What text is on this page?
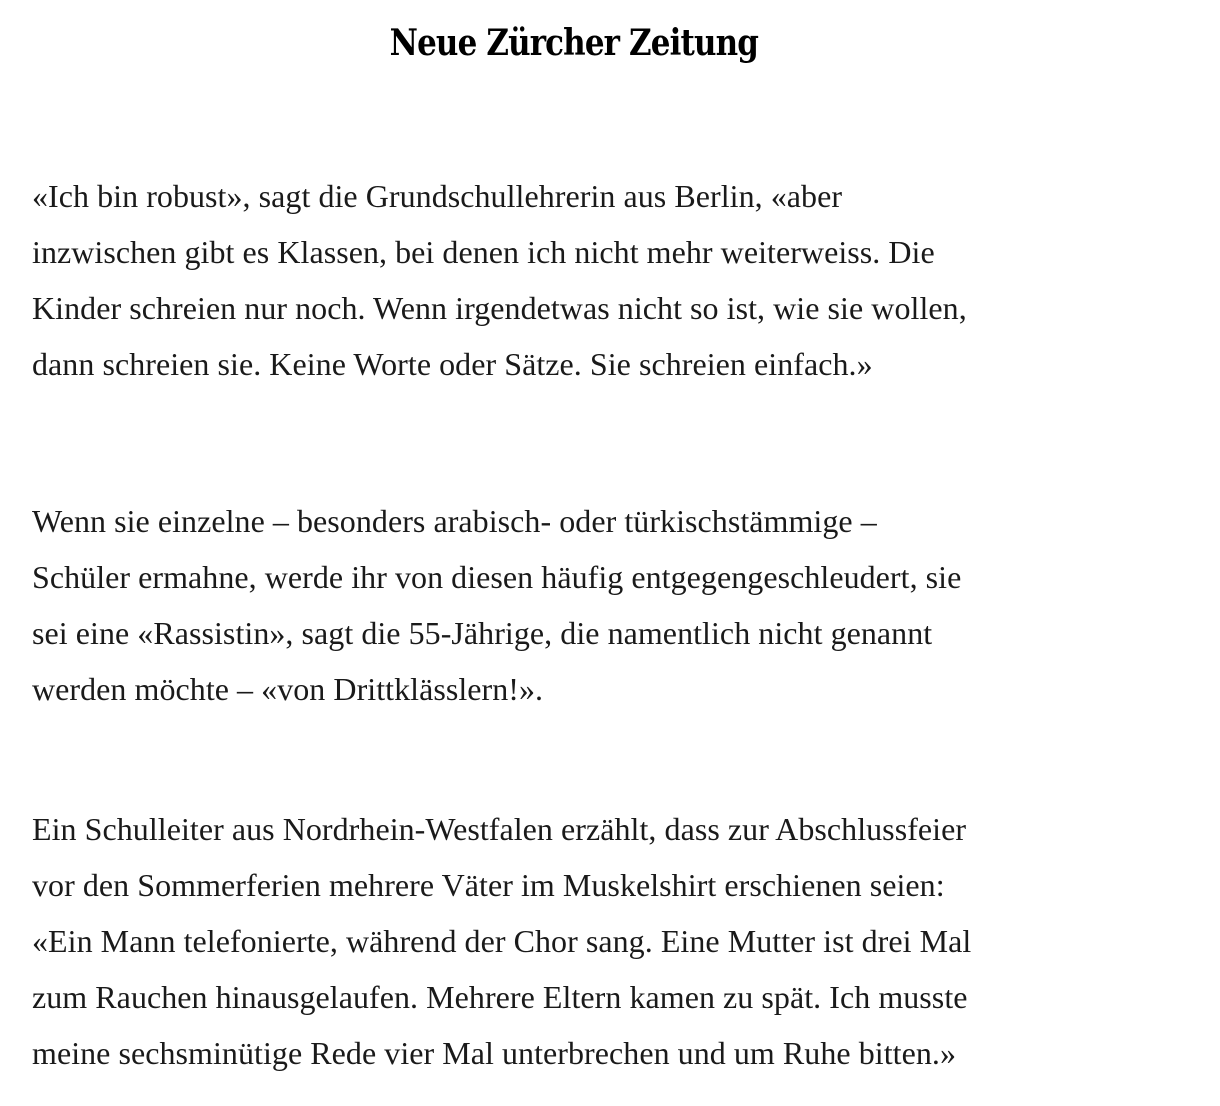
Neue Zürcher Zeitung

«Ich bin robust», sagt die Grundschullehrerin aus Berlin, «aber
inzwischen gibt es Klassen, bei denen ich nicht mehr weiterweiss. Die
Kinder schreien nur noch. Wenn irgendetwas nicht so ist, wie sie wollen,
dann schreien sie. Keine Worte oder Sätze. Sie schreien einfach.»

Wenn sie einzelne – besonders arabisch- oder türkischstämmige –
Schüler ermahne, werde ihr von diesen häufig entgegengeschleudert, sie
sei eine «Rassistin», sagt die 55-Jährige, die namentlich nicht genannt
werden möchte – «von Drittklässlern!».

Ein Schulleiter aus Nordrhein-Westfalen erzählt, dass zur Abschlussfeier
vor den Sommerferien mehrere Väter im Muskelshirt erschienen seien:
«Ein Mann telefonierte, während der Chor sang. Eine Mutter ist drei Mal
zum Rauchen hinausgelaufen. Mehrere Eltern kamen zu spät. Ich musste
meine sechsminütige Rede vier Mal unterbrechen und um Ruhe bitten.»
